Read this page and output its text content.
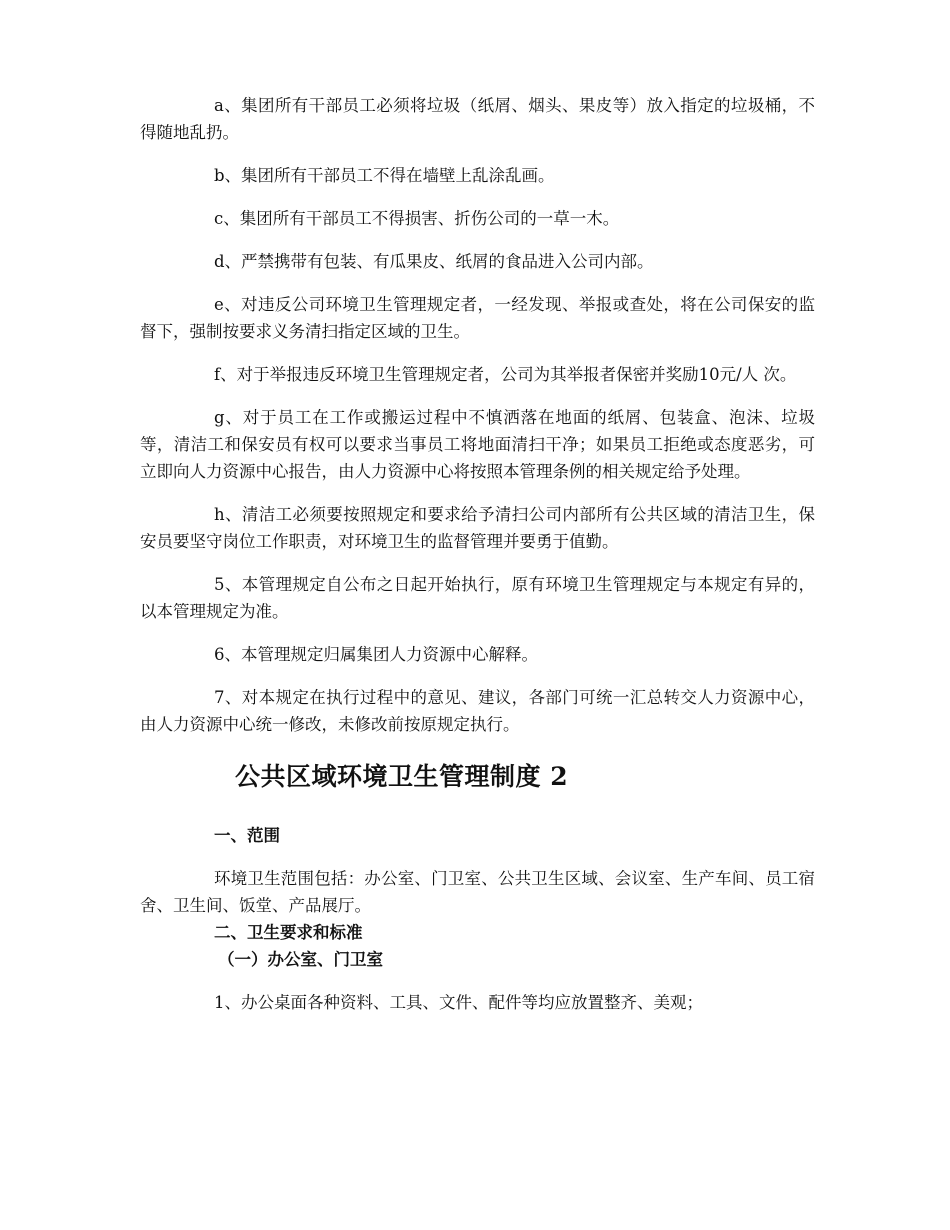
a、集团所有干部员工必须将垃圾（纸屑、烟头、果皮等）放入指定的垃圾桶，不得随地乱扔。

b、集团所有干部员工不得在墙壁上乱涂乱画。

c、集团所有干部员工不得损害、折伤公司的一草一木。

d、严禁携带有包装、有瓜果皮、纸屑的食品进入公司内部。

e、对违反公司环境卫生管理规定者，一经发现、举报或查处，将在公司保安的监督下，强制按要求义务清扫指定区域的卫生。

f、对于举报违反环境卫生管理规定者，公司为其举报者保密并奖励10元/人 次。

g、对于员工在工作或搬运过程中不慎洒落在地面的纸屑、包装盒、泡沫、垃圾等，清洁工和保安员有权可以要求当事员工将地面清扫干净；如果员工拒绝或态度恶劣，可立即向人力资源中心报告，由人力资源中心将按照本管理条例的相关规定给予处理。

h、清洁工必须要按照规定和要求给予清扫公司内部所有公共区域的清洁卫生，保安员要坚守岗位工作职责，对环境卫生的监督管理并要勇于值勤。

5、本管理规定自公布之日起开始执行，原有环境卫生管理规定与本规定有异的，以本管理规定为准。

6、本管理规定归属集团人力资源中心解释。

7、对本规定在执行过程中的意见、建议，各部门可统一汇总转交人力资源中心，由人力资源中心统一修改，未修改前按原规定执行。

公共区域环境卫生管理制度 2

一、范围

环境卫生范围包括：办公室、门卫室、公共卫生区域、会议室、生产车间、员工宿舍、卫生间、饭堂、产品展厅。

二、卫生要求和标准

（一）办公室、门卫室

1、办公桌面各种资料、工具、文件、配件等均应放置整齐、美观；
